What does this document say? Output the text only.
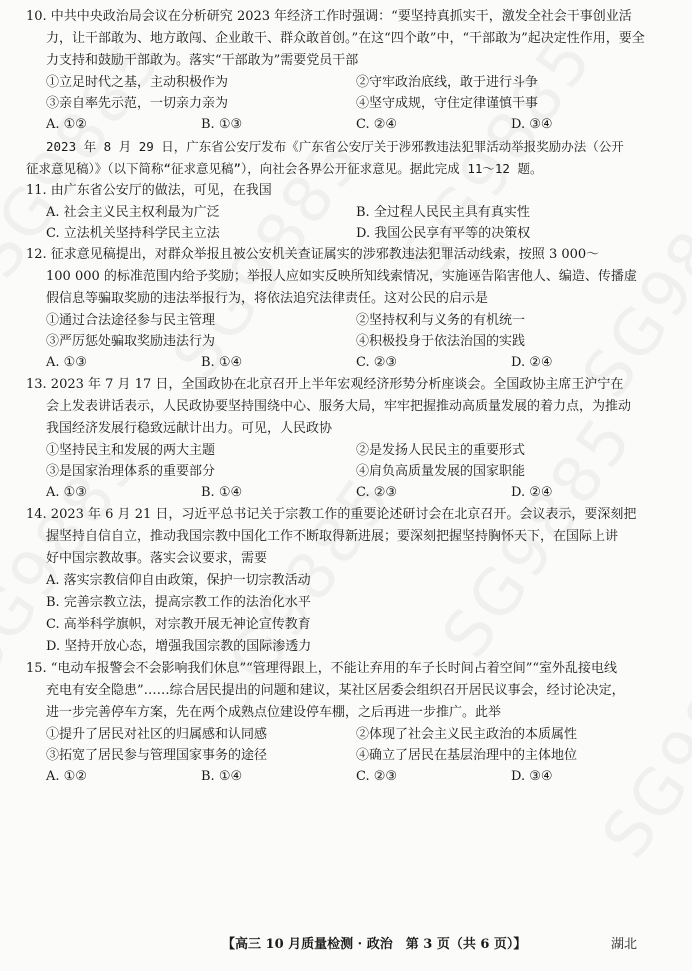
10. 中共中央政治局会议在分析研究 2023 年经济工作时强调：“要坚持真抓实干，激发全社会干事创业活
力，让干部敢为、地方敢闯、企业敢干、群众敢首创。”在这“四个敢”中，“干部敢为”起决定性作用，要全
力支持和鼓励干部敢为。落实“干部敢为”需要党员干部
①立足时代之基，主动积极作为	②守牢政治底线，敢于进行斗争
③亲自率先示范，一切亲力亲为	④坚守成规，守住定律谨慎干事
A. ①②	B. ①③	C. ②④	D. ③④
2023 年 8 月 29 日，广东省公安厅发布《广东省公安厅关于涉邪教违法犯罪活动举报奖励办法（公开
征求意见稿）》（以下简称“征求意见稿”），向社会各界公开征求意见。据此完成 11～12 题。
11. 由广东省公安厅的做法，可见，在我国
A. 社会主义民主权利最为广泛	B. 全过程人民民主具有真实性
C. 立法机关坚持科学民主立法	D. 我国公民享有平等的决策权
12. 征求意见稿提出，对群众举报且被公安机关查证属实的涉邪教违法犯罪活动线索，按照 3 000～
100 000 的标准范围内给予奖励；举报人应如实反映所知线索情况，实施诬告陷害他人、编造、传播虚
假信息等骗取奖励的违法举报行为，将依法追究法律责任。这对公民的启示是
①通过合法途径参与民主管理	②坚持权利与义务的有机统一
③严厉惩处骗取奖励违法行为	④积极投身于依法治国的实践
A. ①③	B. ①④	C. ②③	D. ②④
13. 2023 年 7 月 17 日，全国政协在北京召开上半年宏观经济形势分析座谈会。全国政协主席王沪宁在
会上发表讲话表示，人民政协要坚持围绕中心、服务大局，牢牢把握推动高质量发展的着力点，为推动
我国经济发展行稳致远献计出力。可见，人民政协
①坚持民主和发展的两大主题	②是发扬人民民主的重要形式
③是国家治理体系的重要部分	④肩负高质量发展的国家职能
A. ①③	B. ①④	C. ②③	D. ②④
14. 2023 年 6 月 21 日，习近平总书记关于宗教工作的重要论述研讨会在北京召开。会议表示，要深刻把
握坚持自信自立，推动我国宗教中国化工作不断取得新进展；要深刻把握坚持胸怀天下，在国际上讲
好中国宗教故事。落实会议要求，需要
A. 落实宗教信仰自由政策，保护一切宗教活动
B. 完善宗教立法，提高宗教工作的法治化水平
C. 高举科学旗帜，对宗教开展无神论宣传教育
D. 坚持开放心态，增强我国宗教的国际渗透力
15. “电动车报警会不会影响我们休息”“管理得跟上，不能让弃用的车子长时间占着空间”“室外乱接电线
充电有安全隐患”……综合居民提出的问题和建议，某社区居委会组织召开居民议事会，经讨论决定，
进一步完善停车方案，先在两个成熟点位建设停车棚，之后再进一步推广。此举
①提升了居民对社区的归属感和认同感	②体现了社会主义民主政治的本质属性
③拓宽了居民参与管理国家事务的途径	④确立了居民在基层治理中的主体地位
A. ①②	B. ①④	C. ②③	D. ③④
【高三 10 月质量检测 · 政治　第 3 页（共 6 页）】	湖北
